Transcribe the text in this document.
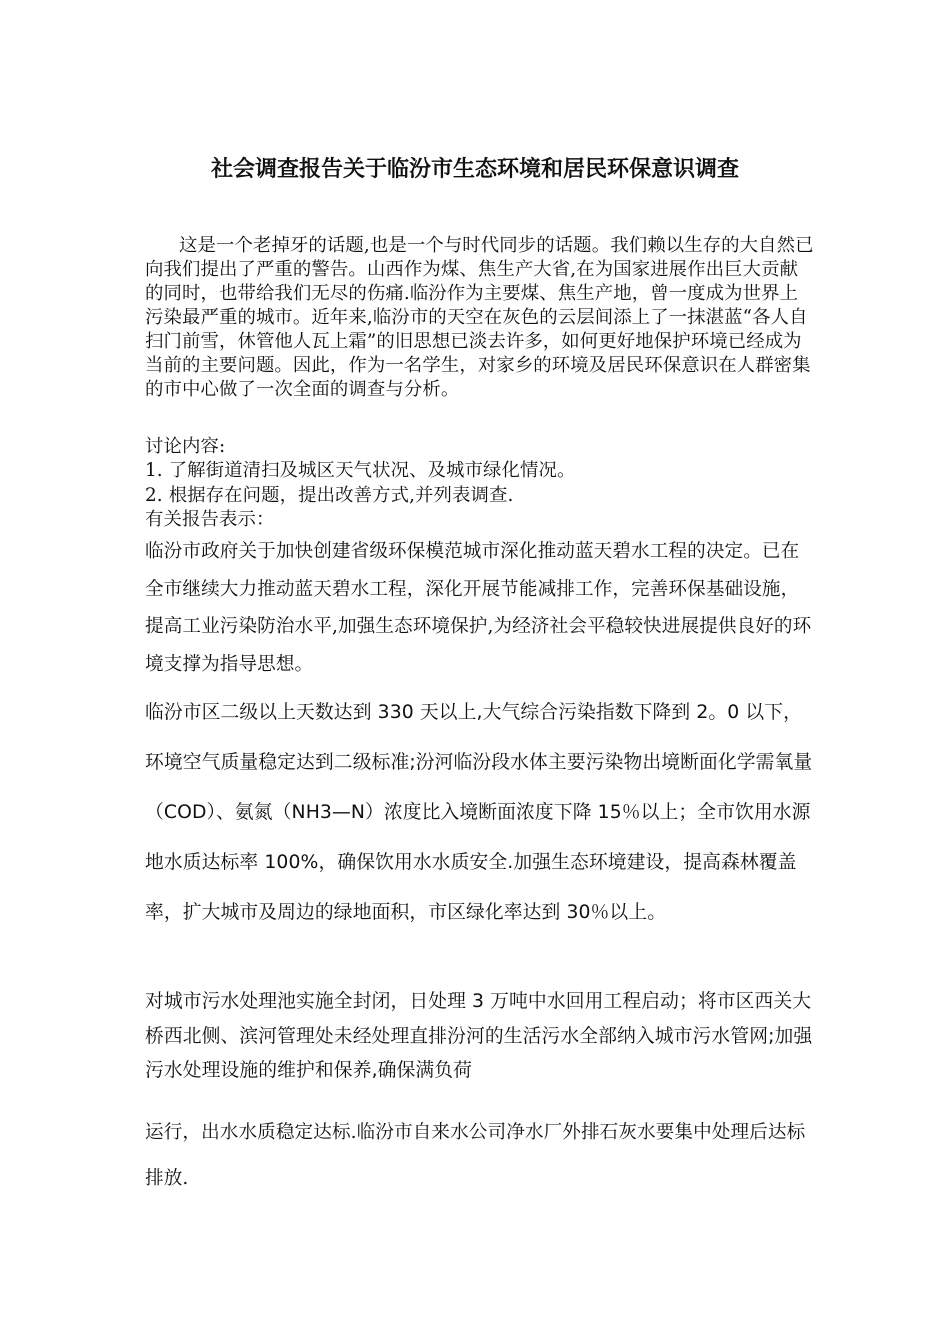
社会调查报告关于临汾市生态环境和居民环保意识调查

这是一个老掉牙的话题,也是一个与时代同步的话题。我们赖以生存的大自然已向我们提出了严重的警告。山西作为煤、焦生产大省,在为国家进展作出巨大贡献的同时，也带给我们无尽的伤痛.临汾作为主要煤、焦生产地，曾一度成为世界上污染最严重的城市。近年来,临汾市的天空在灰色的云层间添上了一抹湛蓝“各人自扫门前雪，休管他人瓦上霜”的旧思想已淡去许多，如何更好地保护环境已经成为当前的主要问题。因此，作为一名学生，对家乡的环境及居民环保意识在人群密集的市中心做了一次全面的调查与分析。

讨论内容:

1. 了解街道清扫及城区天气状况、及城市绿化情况。

2. 根据存在问题，提出改善方式,并列表调查.

有关报告表示：

临汾市政府关于加快创建省级环保模范城市深化推动蓝天碧水工程的决定。已在全市继续大力推动蓝天碧水工程，深化开展节能减排工作，完善环保基础设施，提高工业污染防治水平,加强生态环境保护,为经济社会平稳较快进展提供良好的环境支撑为指导思想。

临汾市区二级以上天数达到 330 天以上,大气综合污染指数下降到 2。0 以下，环境空气质量稳定达到二级标准;汾河临汾段水体主要污染物出境断面化学需氧量（COD）、氨氮（NH3—N）浓度比入境断面浓度下降 15％以上；全市饮用水源地水质达标率 100%，确保饮用水水质安全.加强生态环境建设，提高森林覆盖率，扩大城市及周边的绿地面积，市区绿化率达到 30％以上。

对城市污水处理池实施全封闭，日处理 3 万吨中水回用工程启动；将市区西关大桥西北侧、滨河管理处未经处理直排汾河的生活污水全部纳入城市污水管网;加强污水处理设施的维护和保养,确保满负荷

运行，出水水质稳定达标.临汾市自来水公司净水厂外排石灰水要集中处理后达标排放.
